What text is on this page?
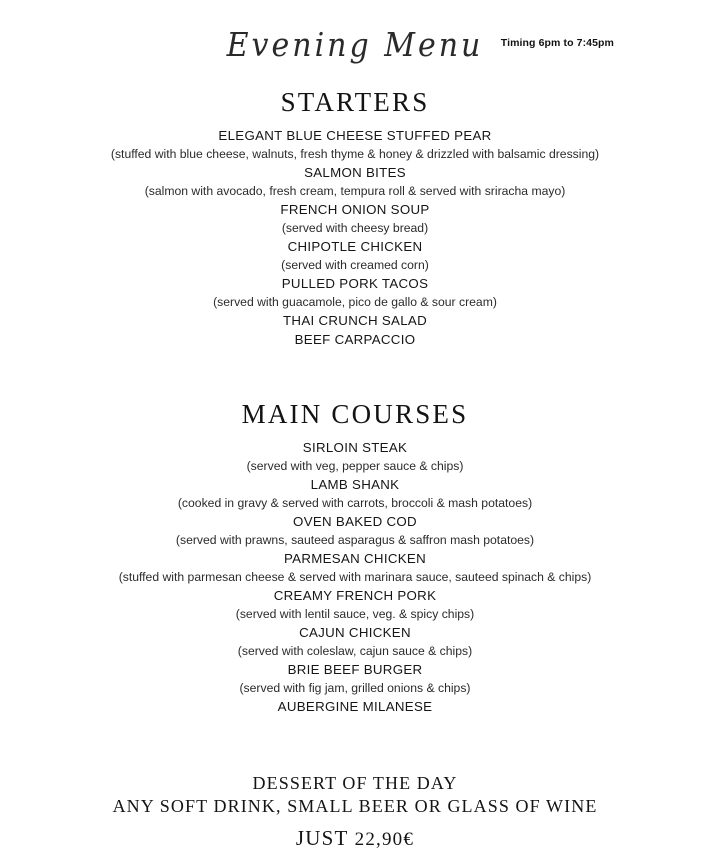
Timing 6pm to 7:45pm
Evening Menu
STARTERS
ELEGANT BLUE CHEESE STUFFED PEAR
(stuffed with blue cheese, walnuts, fresh thyme & honey & drizzled with balsamic dressing)
SALMON BITES
(salmon with avocado, fresh cream, tempura roll & served with sriracha mayo)
FRENCH ONION SOUP
(served with cheesy bread)
CHIPOTLE CHICKEN
(served with creamed corn)
PULLED PORK TACOS
(served with guacamole, pico de gallo & sour cream)
THAI CRUNCH SALAD
BEEF CARPACCIO
MAIN COURSES
SIRLOIN STEAK
(served with veg, pepper sauce & chips)
LAMB SHANK
(cooked in gravy & served with carrots, broccoli & mash potatoes)
OVEN BAKED COD
(served with prawns, sauteed asparagus & saffron mash potatoes)
PARMESAN CHICKEN
(stuffed with parmesan cheese & served with marinara sauce, sauteed spinach & chips)
CREAMY FRENCH PORK
(served with lentil sauce, veg. & spicy chips)
CAJUN CHICKEN
(served with coleslaw, cajun sauce & chips)
BRIE BEEF BURGER
(served with fig jam, grilled onions & chips)
AUBERGINE MILANESE
DESSERT OF THE DAY
ANY SOFT DRINK, SMALL BEER OR GLASS OF WINE
JUST 22,90€
